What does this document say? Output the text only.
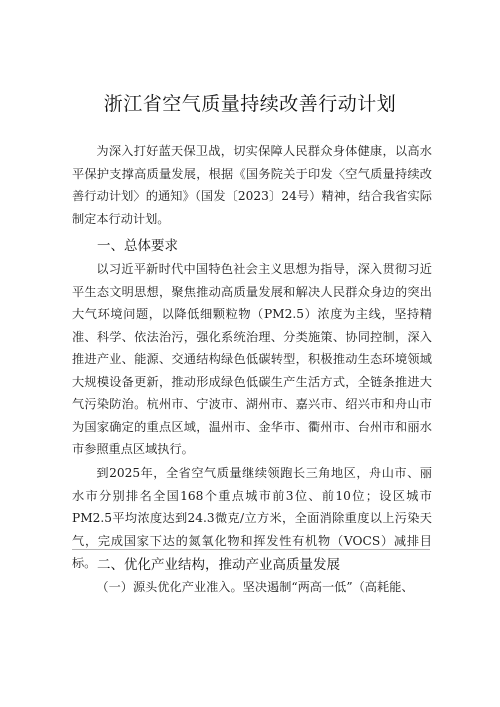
浙江省空气质量持续改善行动计划

为深入打好蓝天保卫战，切实保障人民群众身体健康，以高水平保护支撑高质量发展，根据《国务院关于印发〈空气质量持续改善行动计划〉的通知》（国发〔2023〕24号）精神，结合我省实际制定本行动计划。

一、总体要求

以习近平新时代中国特色社会主义思想为指导，深入贯彻习近平生态文明思想，聚焦推动高质量发展和解决人民群众身边的突出大气环境问题，以降低细颗粒物（PM2.5）浓度为主线，坚持精准、科学、依法治污，强化系统治理、分类施策、协同控制，深入推进产业、能源、交通结构绿色低碳转型，积极推动生态环境领域大规模设备更新，推动形成绿色低碳生产生活方式，全链条推进大气污染防治。杭州市、宁波市、湖州市、嘉兴市、绍兴市和舟山市为国家确定的重点区域，温州市、金华市、衢州市、台州市和丽水市参照重点区域执行。

到2025年，全省空气质量继续领跑长三角地区，舟山市、丽水市分别排名全国168个重点城市前3位、前10位；设区城市PM2.5平均浓度达到24.3微克/立方米，全面消除重度以上污染天气，完成国家下达的氮氧化物和挥发性有机物（VOCS）减排目标。 二、优化产业结构，推动产业高质量发展

（一）源头优化产业准入。坚决遏制“两高一低”（高耗能、
